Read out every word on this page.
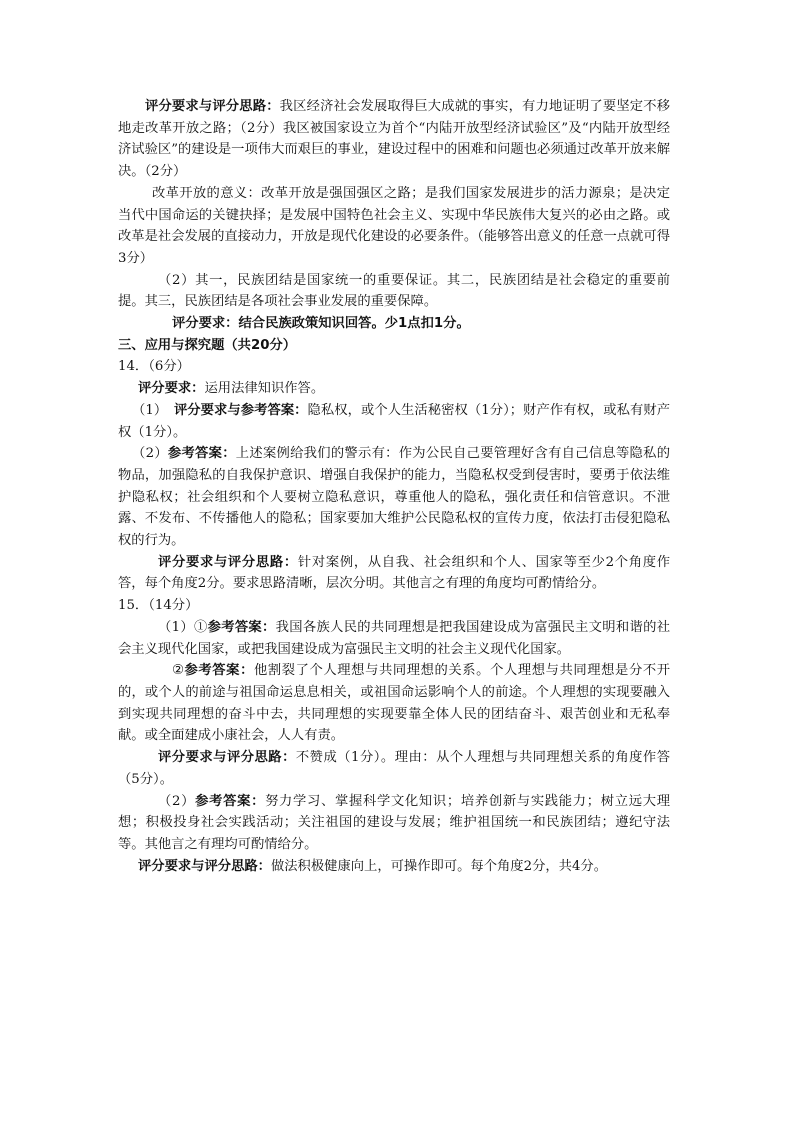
评分要求与评分思路：我区经济社会发展取得巨大成就的事实，有力地证明了要坚定不移地走改革开放之路；（2分）我区被国家设立为首个“内陆开放型经济试验区”及“内陆开放型经济试验区”的建设是一项伟大而艰巨的事业，建设过程中的困难和问题也必须通过改革开放来解决。（2分）

改革开放的意义：改革开放是强国强区之路；是我们国家发展进步的活力源泉；是决定当代中国命运的关键抉择；是发展中国特色社会主义、实现中华民族伟大复兴的必由之路。或改革是社会发展的直接动力，开放是现代化建设的必要条件。（能够答出意义的任意一点就可得3分）

（2）其一，民族团结是国家统一的重要保证。其二，民族团结是社会稳定的重要前提。其三，民族团结是各项社会事业发展的重要保障。

评分要求：结合民族政策知识回答。少1点扣1分。

三、应用与探究题（共20分）

14．（6分）

评分要求：运用法律知识作答。

（1）　评分要求与参考答案：隐私权，或个人生活秘密权（1分）；财产作有权，或私有财产权（1分）。

（2）参考答案：上述案例给我们的警示有：作为公民自己要管理好含有自己信息等隐私的物品，加强隐私的自我保护意识、增强自我保护的能力，当隐私权受到侵害时，要勇于依法维护隐私权；社会组织和个人要树立隐私意识，尊重他人的隐私，强化责任和信管意识。不泄露、不发布、不传播他人的隐私；国家要加大维护公民隐私权的宣传力度，依法打击侵犯隐私权的行为。

评分要求与评分思路：针对案例，从自我、社会组织和个人、国家等至少2个角度作答，每个角度2分。要求思路清晰，层次分明。其他言之有理的角度均可酌情给分。

15．（14分）

（1）①参考答案：我国各族人民的共同理想是把我国建设成为富强民主文明和谐的社会主义现代化国家，或把我国建设成为富强民主文明的社会主义现代化国家。

②参考答案：他割裂了个人理想与共同理想的关系。个人理想与共同理想是分不开的，或个人的前途与祖国命运息息相关，或祖国命运影响个人的前途。个人理想的实现要融入到实现共同理想的奋斗中去，共同理想的实现要靠全体人民的团结奋斗、艰苦创业和无私奉献。或全面建成小康社会，人人有责。

评分要求与评分思路：不赞成（1分）。理由：从个人理想与共同理想关系的角度作答（5分）。

（2）参考答案：努力学习、掌握科学文化知识；培养创新与实践能力；树立远大理想；积极投身社会实践活动；关注祖国的建设与发展；维护祖国统一和民族团结；遵纪守法等。其他言之有理均可酌情给分。

评分要求与评分思路：做法积极健康向上，可操作即可。每个角度2分，共4分。
